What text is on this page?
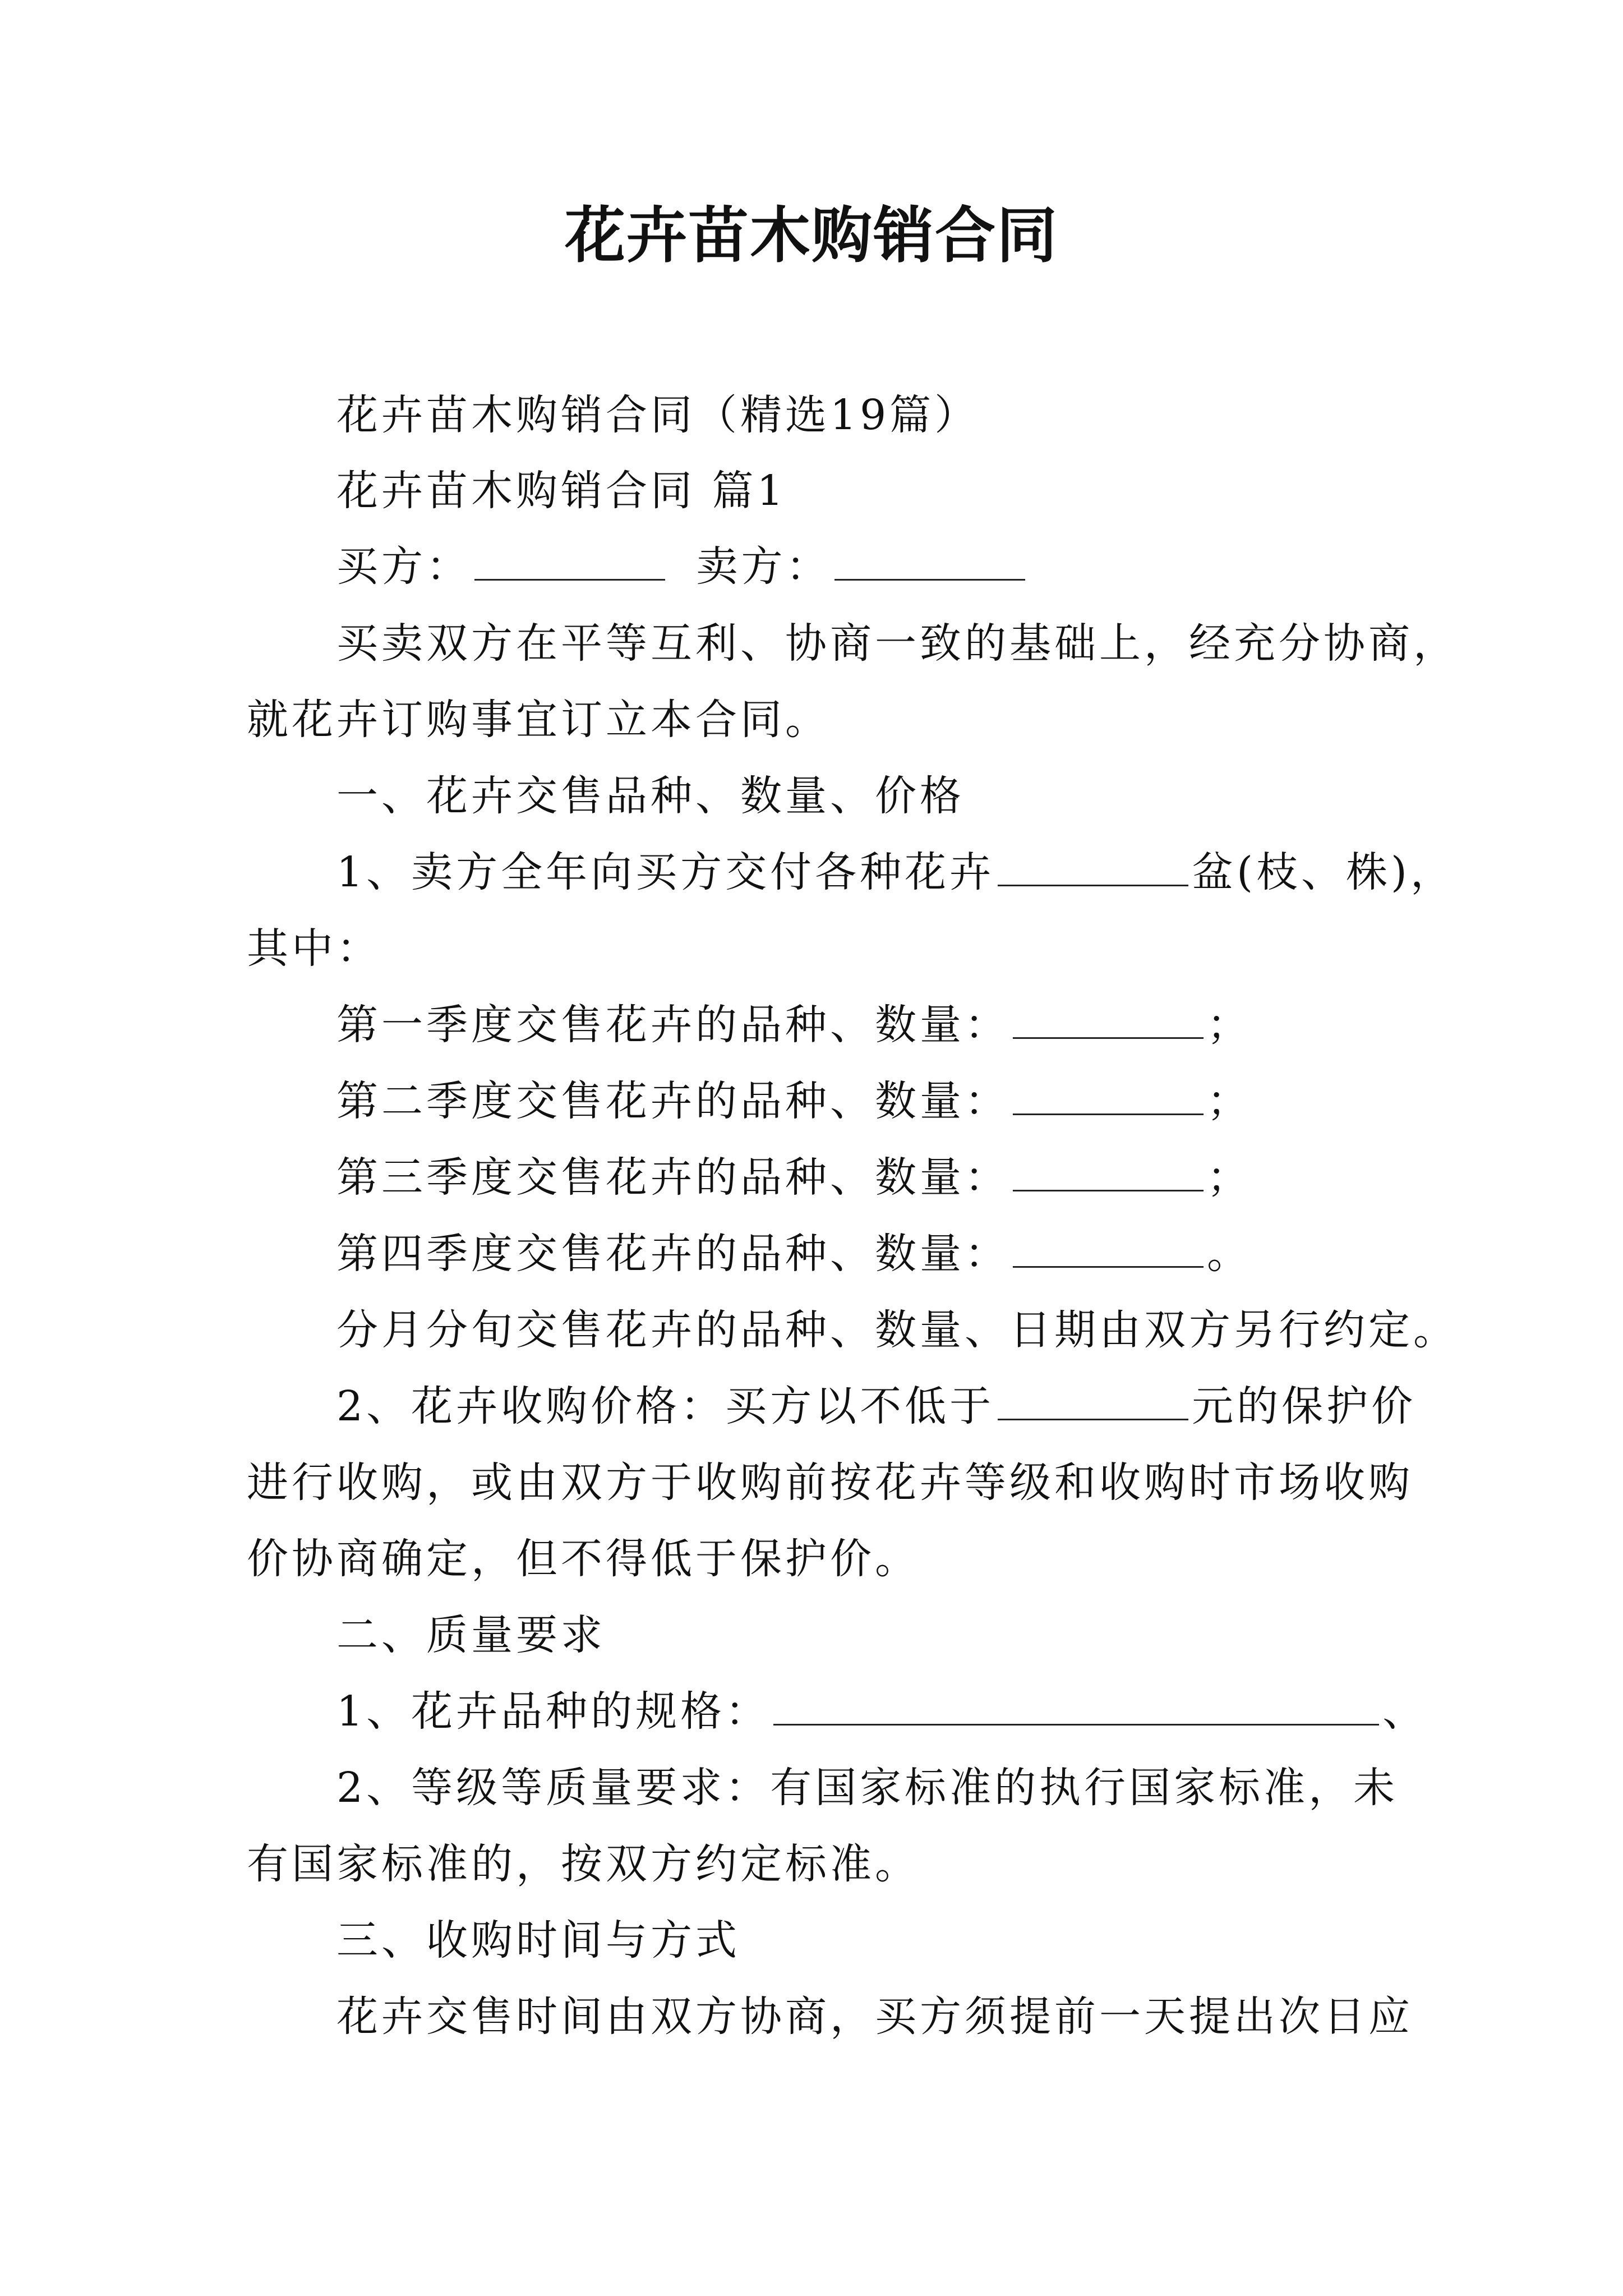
花卉苗木购销合同
花卉苗木购销合同（精选19篇）
花卉苗木购销合同 篇1
买方：	卖方：
买卖双方在平等互利、协商一致的基础上，经充分协商，
就花卉订购事宜订立本合同。
一、花卉交售品种、数量、价格
1、卖方全年向买方交付各种花卉	盆(枝、株)，
其中：
第一季度交售花卉的品种、数量：	；
第二季度交售花卉的品种、数量：	；
第三季度交售花卉的品种、数量：	；
第四季度交售花卉的品种、数量：	。
分月分旬交售花卉的品种、数量、日期由双方另行约定。
2、花卉收购价格：买方以不低于	元的保护价
进行收购，或由双方于收购前按花卉等级和收购时市场收购
价协商确定，但不得低于保护价。
二、质量要求
1、花卉品种的规格：	、
2、等级等质量要求：有国家标准的执行国家标准，未
有国家标准的，按双方约定标准。
三、收购时间与方式
花卉交售时间由双方协商，买方须提前一天提出次日应
